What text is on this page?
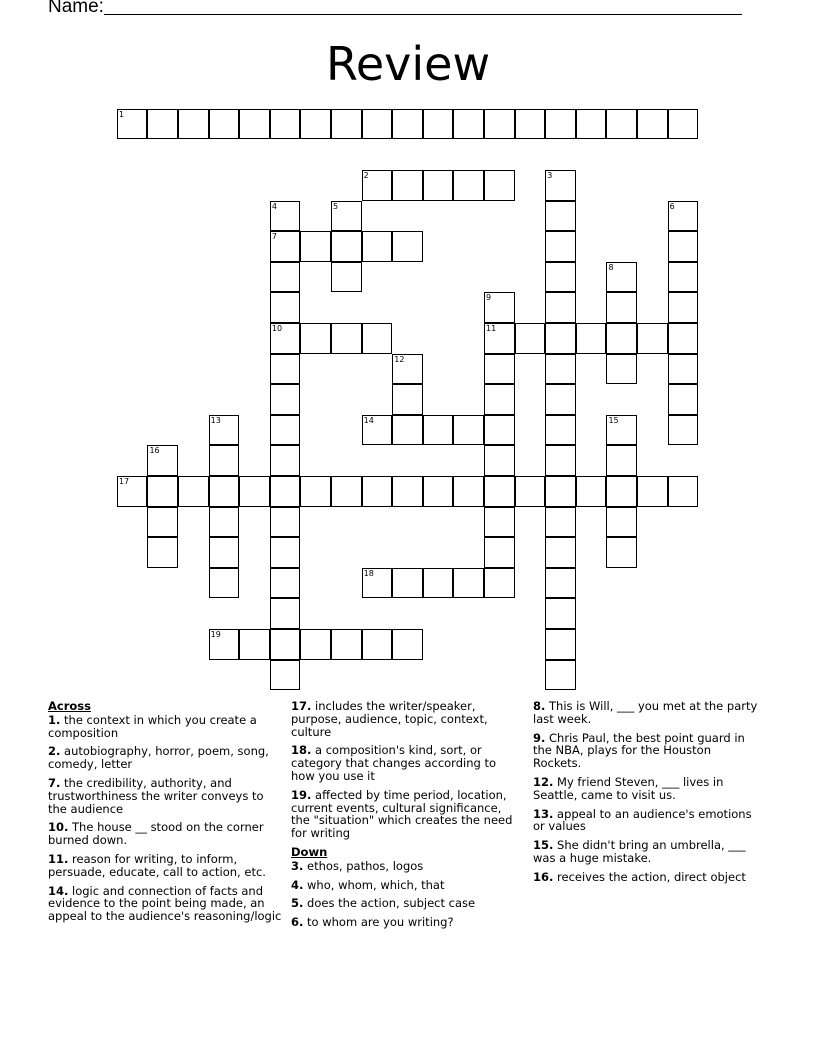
Name:
Review
1
2	3
4
7
10
5	6
8
9
11
12
13	14	15
16
17
18
19
Across
1. the context in which you create a composition
2. autobiography, horror, poem, song, comedy, letter
7. the credibility, authority, and trustworthiness the writer conveys to the audience
10. The house __ stood on the corner burned down.
11. reason for writing, to inform, persuade, educate, call to action, etc.
14. logic and connection of facts and evidence to the point being made, an appeal to the audience's reasoning/logic
17. includes the writer/speaker, purpose, audience, topic, context, culture
18. a composition's kind, sort, or category that changes according to how you use it
19. affected by time period, location, current events, cultural significance, the "situation" which creates the need for writing
Down
3. ethos, pathos, logos
4. who, whom, which, that
5. does the action, subject case
6. to whom are you writing?
8. This is Will, ___ you met at the party last week.
9. Chris Paul, the best point guard in the NBA, plays for the Houston Rockets.
12. My friend Steven, ___ lives in Seattle, came to visit us.
13. appeal to an audience's emotions or values
15. She didn't bring an umbrella, ___ was a huge mistake.
16. receives the action, direct object
